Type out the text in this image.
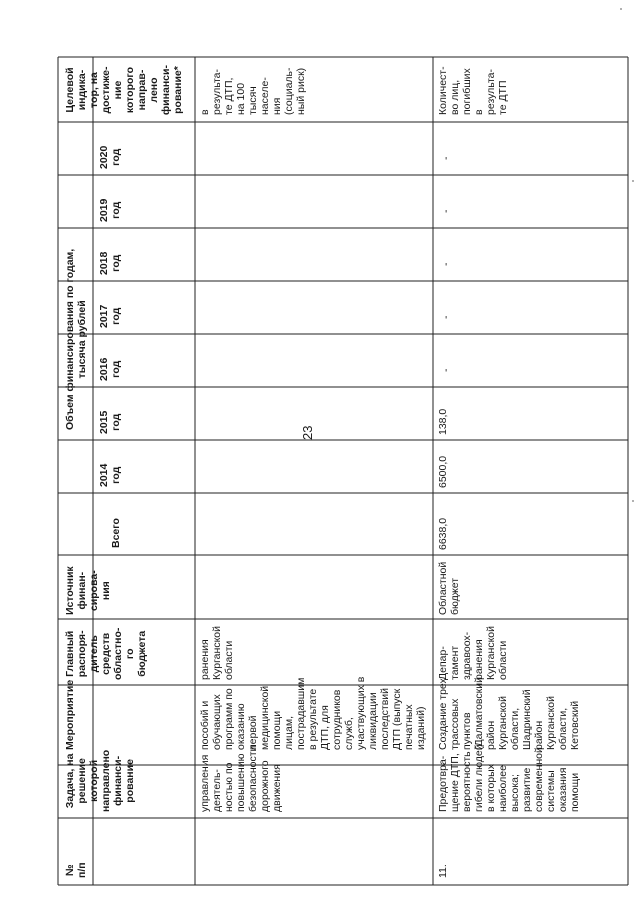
23
№
п/п
Задача, на
решение
которой
направлено
финанси-
рование
Мероприятие
Главный
распоря-
дитель
средств
областно-
го
бюджета
Источник
финан-
сирова-
ния
Объем финансирования по годам,
тысяча рублей
Всего
2014
год
2015
год
2016
год
2017
год
2018
год
2019
год
2020
год
Целевой
индика-
тор, на
достиже-
ние
которого
направ-
лено
финанси-
рование*
управления
деятель-
ностью по
повышению
безопасности
дорожного
движения
пособий и
обучающих
программ по
оказанию
первой
медицинской
помощи
лицам,
пострадавшим
в результате
ДТП, для
сотрудников
служб,
участвующих в
ликвидации
последствий
ДТП (выпуск
печатных
изданий)
ранения
Курганской
области
в
результа-
те ДТП,
на 100
тысяч
населе-
ния
(социаль-
ный риск)
11.
Предотвра-
щение ДТП,
вероятность
гибели людей
в которых
наиболее
высока;
развитие
современной
системы
оказания
помощи
Создание трех
трассовых
пунктов
(Далматовский
район
Курганской
области,
Шадринский
район
Курганской
области,
Кетовский
Депар-
тамент
здравоох-
ранения
Курганской
области
Областной
бюджет
6638,0
6500,0
138,0
-
-
-
-
-
Количест-
во лиц,
погибших
в
результа-
те ДТП
